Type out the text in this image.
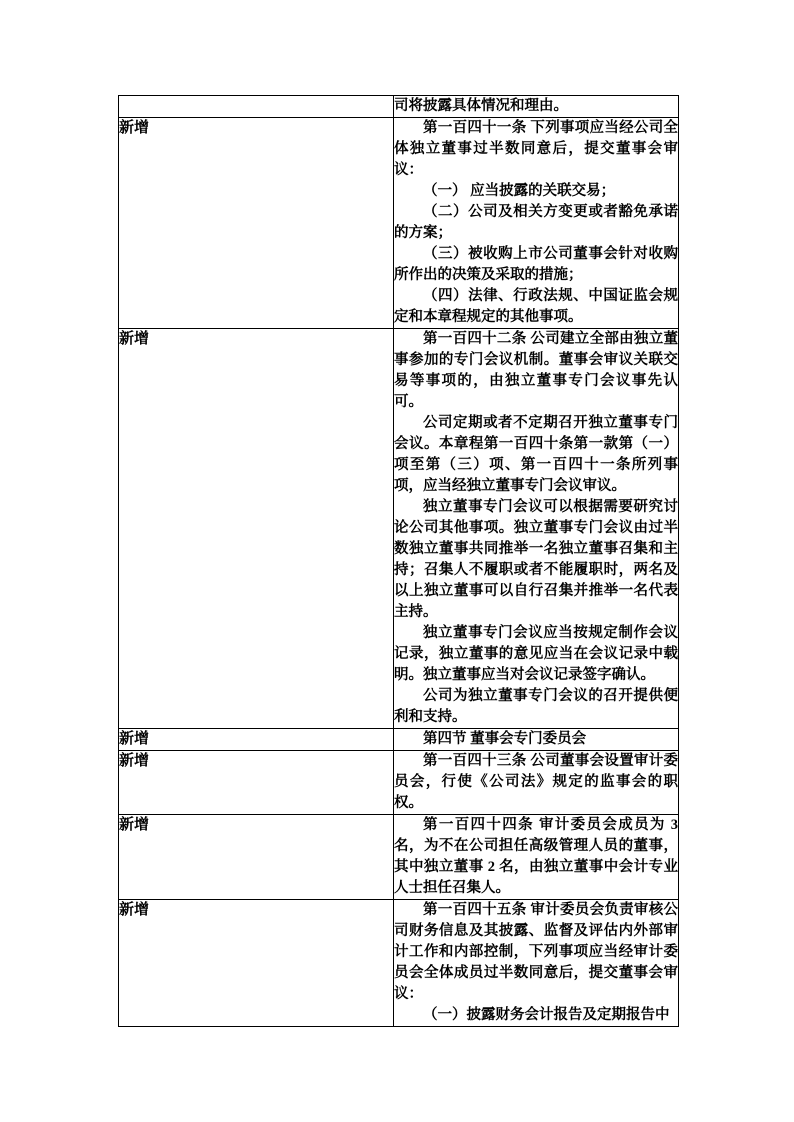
	司将披露具体情况和理由。

新增	第一百四十一条 下列事项应当经公司全体独立董事过半数同意后，提交董事会审议：

（一） 应当披露的关联交易；

（二）公司及相关方变更或者豁免承诺的方案；

（三）被收购上市公司董事会针对收购所作出的决策及采取的措施；

（四）法律、行政法规、中国证监会规定和本章程规定的其他事项。

新增	第一百四十二条 公司建立全部由独立董事参加的专门会议机制。董事会审议关联交易等事项的，由独立董事专门会议事先认可。

公司定期或者不定期召开独立董事专门会议。本章程第一百四十条第一款第（一）项至第（三）项、第一百四十一条所列事项，应当经独立董事专门会议审议。

独立董事专门会议可以根据需要研究讨论公司其他事项。独立董事专门会议由过半数独立董事共同推举一名独立董事召集和主持；召集人不履职或者不能履职时，两名及以上独立董事可以自行召集并推举一名代表主持。

独立董事专门会议应当按规定制作会议记录，独立董事的意见应当在会议记录中载明。独立董事应当对会议记录签字确认。

公司为独立董事专门会议的召开提供便利和支持。

新增	第四节 董事会专门委员会

新增	第一百四十三条 公司董事会设置审计委员会，行使《公司法》规定的监事会的职权。

新增	第一百四十四条 审计委员会成员为 3名，为不在公司担任高级管理人员的董事，其中独立董事 2 名，由独立董事中会计专业人士担任召集人。

新增	第一百四十五条 审计委员会负责审核公司财务信息及其披露、监督及评估内外部审计工作和内部控制，下列事项应当经审计委员会全体成员过半数同意后，提交董事会审议：

（一）披露财务会计报告及定期报告中
